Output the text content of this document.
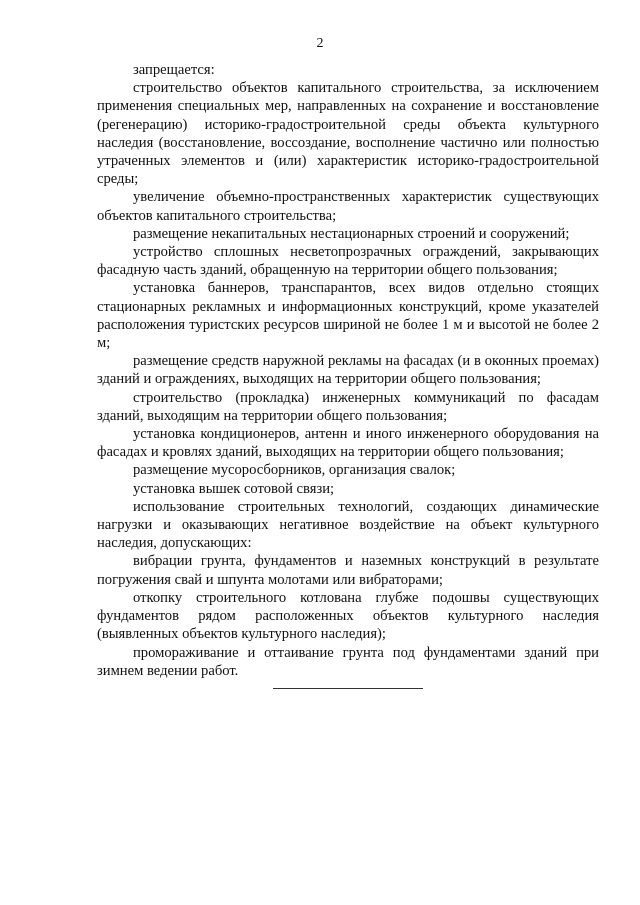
2

запрещается:

строительство объектов капитального строительства, за исключением применения специальных мер, направленных на сохранение и восстановление (регенерацию) историко-градостроительной среды объекта культурного наследия (восстановление, воссоздание, восполнение частично или полностью утраченных элементов и (или) характеристик историко-градостроительной среды;

увеличение объемно-пространственных характеристик существующих объектов капитального строительства;

размещение некапитальных нестационарных строений и сооружений;

устройство сплошных несветопрозрачных ограждений, закрывающих фасадную часть зданий, обращенную на территории общего пользования;

установка баннеров, транспарантов, всех видов отдельно стоящих стационарных рекламных и информационных конструкций, кроме указателей расположения туристских ресурсов шириной не более 1 м и высотой не более 2 м;

размещение средств наружной рекламы на фасадах (и в оконных проемах) зданий и ограждениях, выходящих на территории общего пользования;

строительство (прокладка) инженерных коммуникаций по фасадам зданий, выходящим на территории общего пользования;

установка кондиционеров, антенн и иного инженерного оборудования на фасадах и кровлях зданий, выходящих на территории общего пользования;

размещение мусоросборников, организация свалок;

установка вышек сотовой связи;

использование строительных технологий, создающих динамические нагрузки и оказывающих негативное воздействие на объект культурного наследия, допускающих:

вибрации грунта, фундаментов и наземных конструкций в результате погружения свай и шпунта молотами или вибраторами;

откопку строительного котлована глубже подошвы существующих фундаментов рядом расположенных объектов культурного наследия (выявленных объектов культурного наследия);

промораживание и оттаивание грунта под фундаментами зданий при зимнем ведении работ.
